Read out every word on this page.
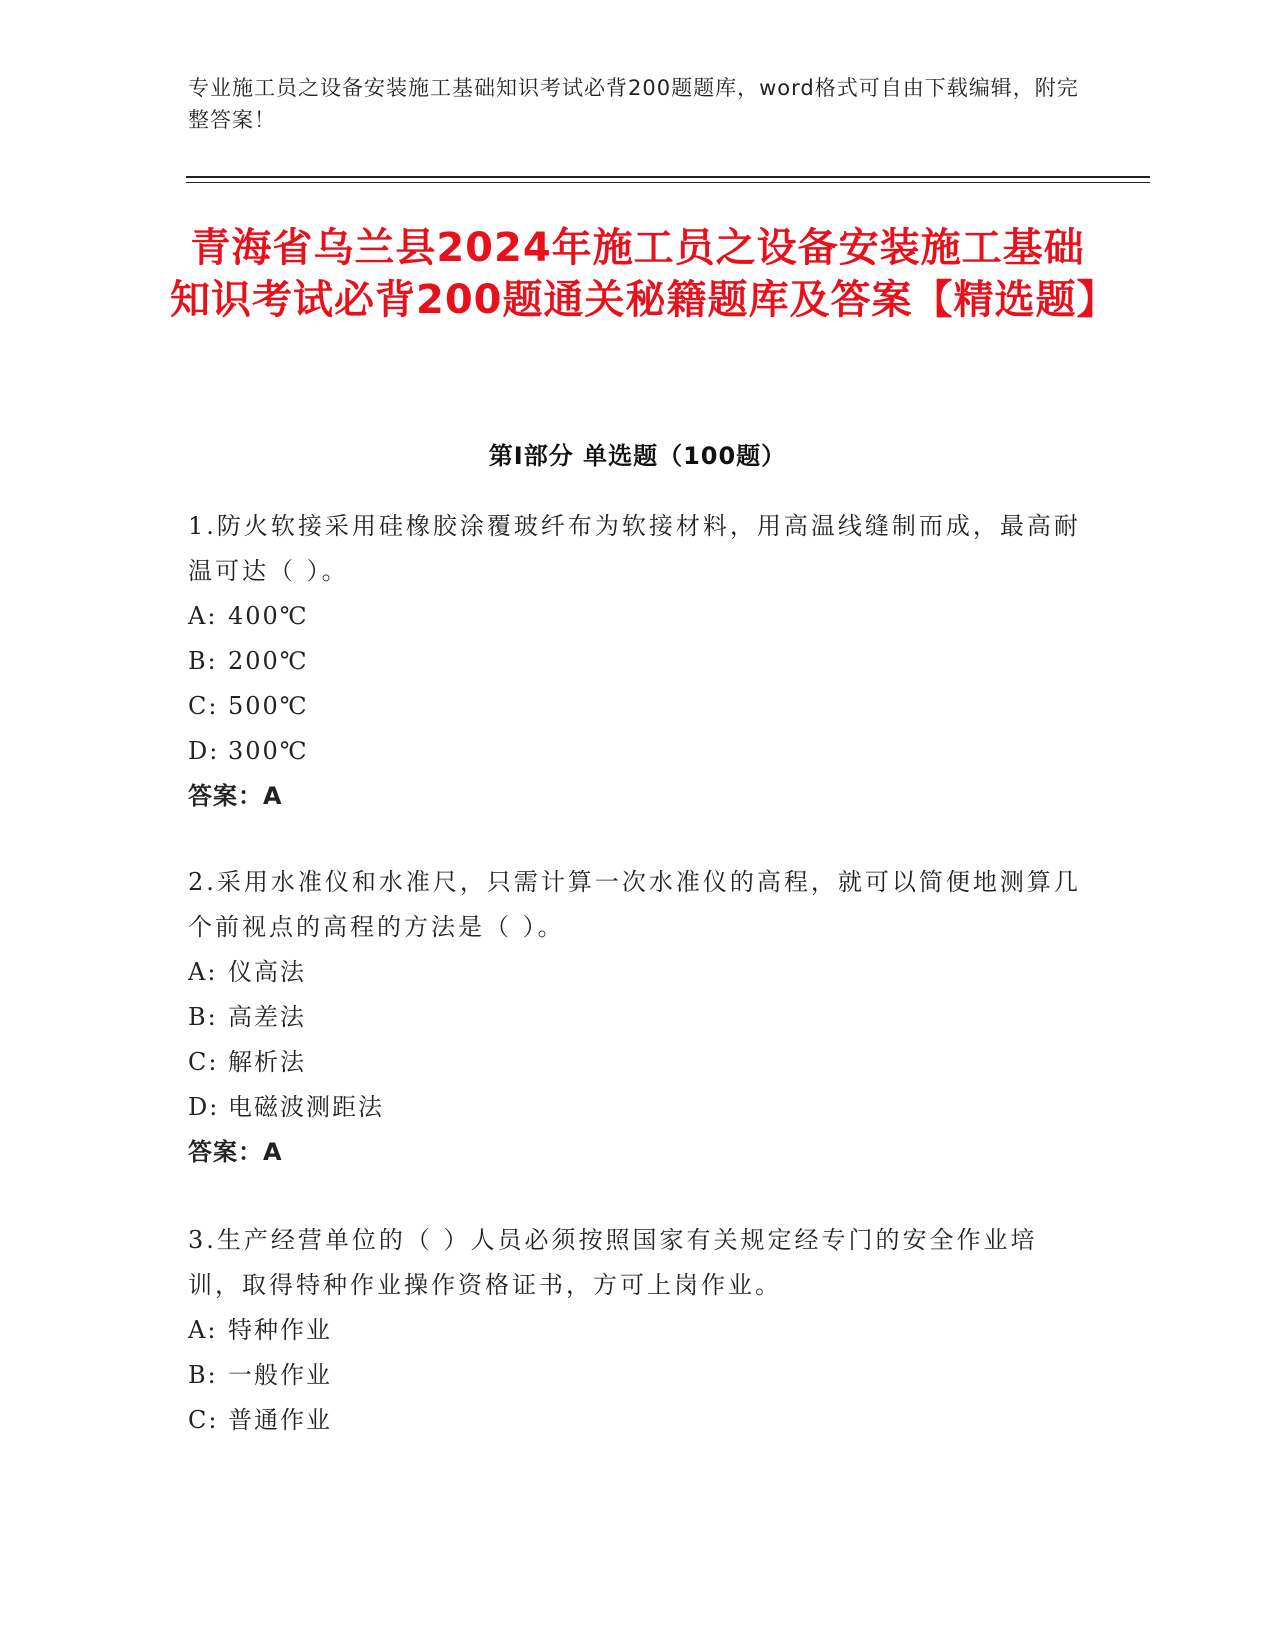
专业施工员之设备安装施工基础知识考试必背200题题库，word格式可自由下载编辑，附完整答案！
青海省乌兰县2024年施工员之设备安装施工基础知识考试必背200题通关秘籍题库及答案【精选题】
第I部分 单选题（100题）

1.防火软接采用硅橡胶涂覆玻纤布为软接材料，用高温线缝制而成，最高耐温可达（ ）。

A: 400℃
B: 200℃
C: 500℃
D: 300℃
答案：A

2.采用水准仪和水准尺，只需计算一次水准仪的高程，就可以简便地测算几个前视点的高程的方法是（ ）。

A: 仪高法
B: 高差法
C: 解析法
D: 电磁波测距法
答案：A

3.生产经营单位的（ ）人员必须按照国家有关规定经专门的安全作业培训，取得特种作业操作资格证书，方可上岗作业。

A: 特种作业
B: 一般作业
C: 普通作业
